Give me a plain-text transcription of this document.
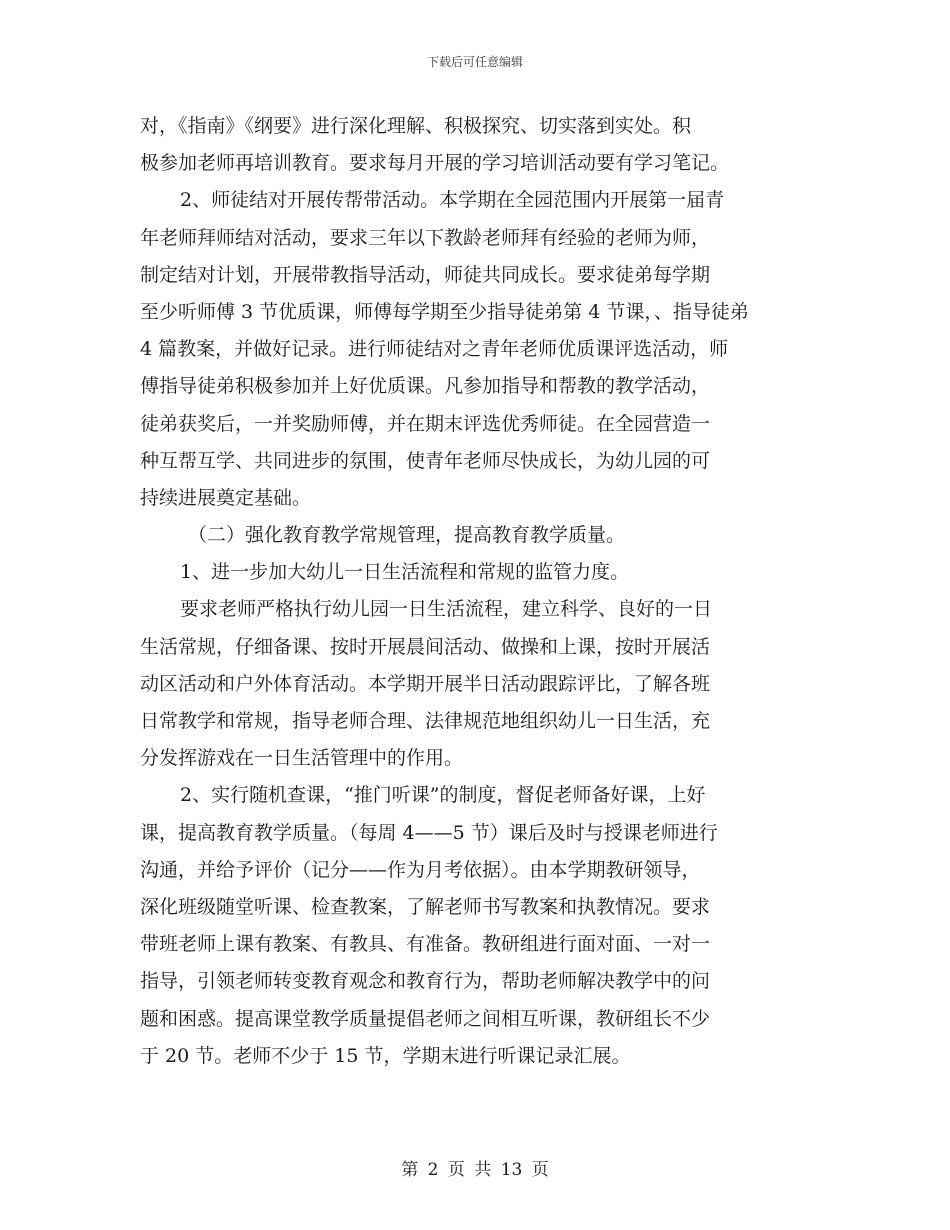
下载后可任意编辑
对，《指南》《纲要》进行深化理解、积极探究、切实落到实处。积
极参加老师再培训教育。要求每月开展的学习培训活动要有学习笔记。
2、师徒结对开展传帮带活动。本学期在全园范围内开展第一届青
年老师拜师结对活动，要求三年以下教龄老师拜有经验的老师为师，
制定结对计划，开展带教指导活动，师徒共同成长。要求徒弟每学期
至少听师傅 3 节优质课，师傅每学期至少指导徒弟第 4 节课，、指导徒弟
4 篇教案，并做好记录。进行师徒结对之青年老师优质课评选活动，师
傅指导徒弟积极参加并上好优质课。凡参加指导和帮教的教学活动，
徒弟获奖后，一并奖励师傅，并在期末评选优秀师徒。在全园营造一
种互帮互学、共同进步的氛围，使青年老师尽快成长，为幼儿园的可
持续进展奠定基础。
（二）强化教育教学常规管理，提高教育教学质量。
1、进一步加大幼儿一日生活流程和常规的监管力度。
要求老师严格执行幼儿园一日生活流程，建立科学、良好的一日
生活常规，仔细备课、按时开展晨间活动、做操和上课，按时开展活
动区活动和户外体育活动。本学期开展半日活动跟踪评比，了解各班
日常教学和常规，指导老师合理、法律规范地组织幼儿一日生活，充
分发挥游戏在一日生活管理中的作用。
2、实行随机查课，“推门听课”的制度，督促老师备好课，上好
课，提高教育教学质量。（每周 4——5 节）课后及时与授课老师进行
沟通，并给予评价（记分——作为月考依据）。由本学期教研领导，
深化班级随堂听课、检查教案，了解老师书写教案和执教情况。要求
带班老师上课有教案、有教具、有准备。教研组进行面对面、一对一
指导，引领老师转变教育观念和教育行为，帮助老师解决教学中的问
题和困惑。提高课堂教学质量提倡老师之间相互听课，教研组长不少
于 20 节。老师不少于 15 节，学期末进行听课记录汇展。
第 2 页 共 13 页
